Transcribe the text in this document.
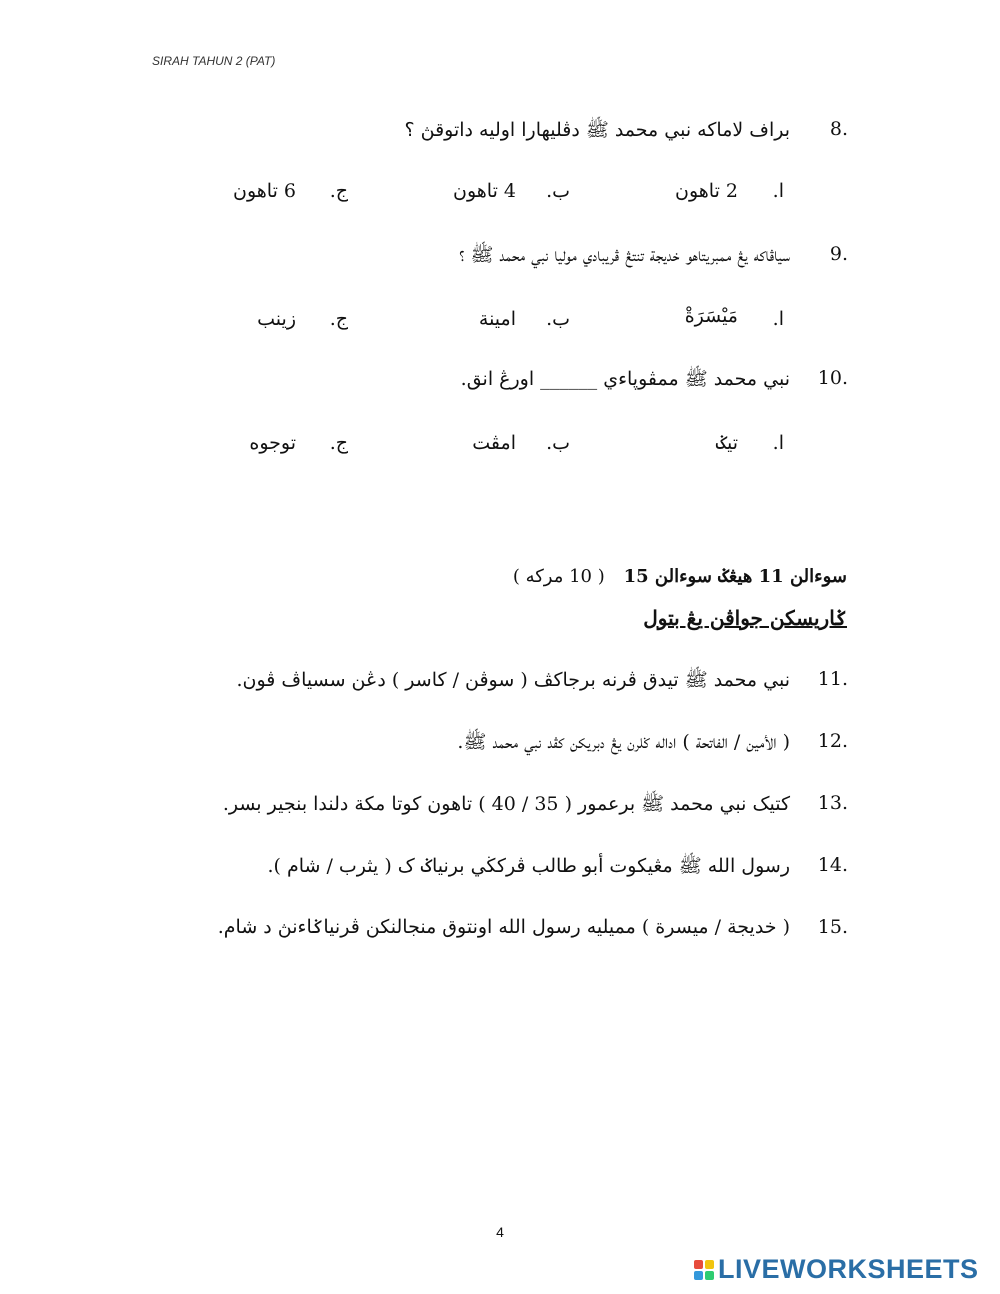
SIRAH TAHUN 2 (PAT)
8.
براف لاماكه نبي محمد ﷺ دڤليهارا اوليه داتوقڽ ؟
ا.
2 تاهون
ب.
4 تاهون
ج.
6 تاهون
9.
سياڤاكه يڠ ممبريتاهو خديجة تنتڠ ڤريبادي موليا نبي محمد ﷺ ؟
ا.
مَيْسَرَةْ
ب.
امينة
ج.
زينب
10.
نبي محمد ﷺ ممڤوڽاءي ______ اورڠ انق.
ا.
تيݢ
ب.
امڤت
ج.
توجوه
سوءالن 11 هيڠݢ سوءالن 15   ( 10 مركه )
ݢاريسكن جواڤن يڠ بتول
11.
نبي محمد ﷺ تيدق ڤرنه برجاكڤ ( سوڤن / كاسر ) دڠن سسياڤ ڤون.
12.
( الأمين / الفاتحة ) اداله ݢلرن يڠ دبريكن كڤد نبي محمد ﷺ.
13.
كتيک نبي محمد ﷺ برعمور ( 35 / 40 ) تاهون كوتا مكة دلندا بنجير بسر.
14.
رسول الله ﷺ مڠيكوت أبو طالب ڤركڬي برنياݢ ک ( يثرب / شام ).
15.
( خديجة / ميسرة ) مميليه رسول الله اونتوق منجالنكن ڤرنياݢاءنڽ د شام.
4
LIVEWORKSHEETS
